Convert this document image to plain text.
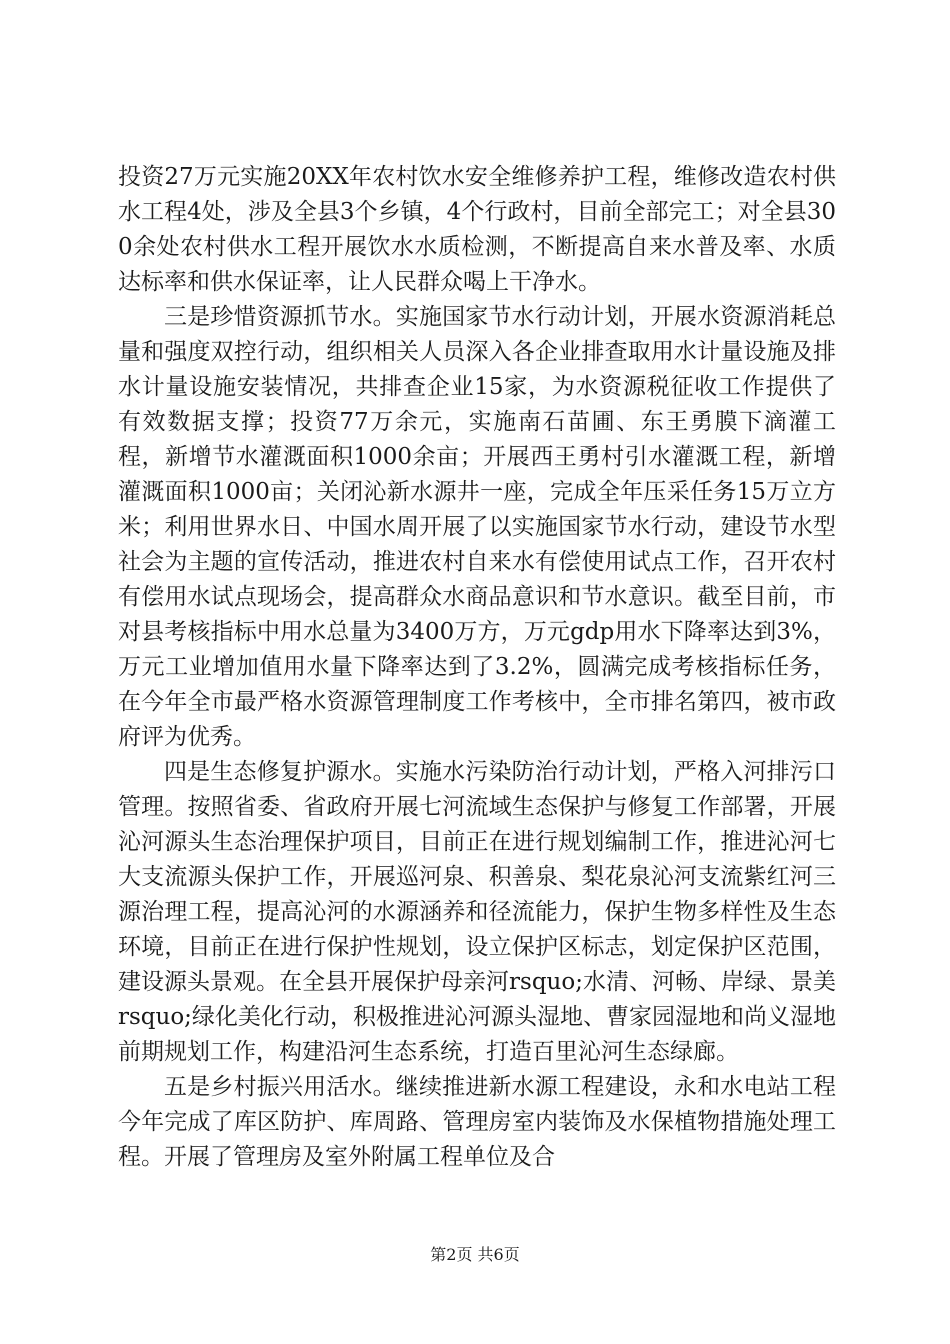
投资27万元实施20XX年农村饮水安全维修养护工程，维修改造农村供水工程4处，涉及全县3个乡镇，4个行政村，目前全部完工；对全县300余处农村供水工程开展饮水水质检测，不断提高自来水普及率、水质达标率和供水保证率，让人民群众喝上干净水。

三是珍惜资源抓节水。实施国家节水行动计划，开展水资源消耗总量和强度双控行动，组织相关人员深入各企业排查取用水计量设施及排水计量设施安装情况，共排查企业15家，为水资源税征收工作提供了有效数据支撑；投资77万余元，实施南石苗圃、东王勇膜下滴灌工程，新增节水灌溉面积1000余亩；开展西王勇村引水灌溉工程，新增灌溉面积1000亩；关闭沁新水源井一座，完成全年压采任务15万立方米；利用世界水日、中国水周开展了以实施国家节水行动，建设节水型社会为主题的宣传活动，推进农村自来水有偿使用试点工作，召开农村有偿用水试点现场会，提高群众水商品意识和节水意识。截至目前，市对县考核指标中用水总量为3400万方，万元gdp用水下降率达到3%，万元工业增加值用水量下降率达到了3.2%，圆满完成考核指标任务，在今年全市最严格水资源管理制度工作考核中，全市排名第四，被市政府评为优秀。

四是生态修复护源水。实施水污染防治行动计划，严格入河排污口管理。按照省委、省政府开展七河流域生态保护与修复工作部署，开展沁河源头生态治理保护项目，目前正在进行规划编制工作，推进沁河七大支流源头保护工作，开展巡河泉、积善泉、梨花泉沁河支流紫红河三源治理工程，提高沁河的水源涵养和径流能力，保护生物多样性及生态环境，目前正在进行保护性规划，设立保护区标志，划定保护区范围，建设源头景观。在全县开展保护母亲河rsquo;水清、河畅、岸绿、景美rsquo;绿化美化行动，积极推进沁河源头湿地、曹家园湿地和尚义湿地前期规划工作，构建沿河生态系统，打造百里沁河生态绿廊。

五是乡村振兴用活水。继续推进新水源工程建设，永和水电站工程今年完成了库区防护、库周路、管理房室内装饰及水保植物措施处理工程。开展了管理房及室外附属工程单位及合

第2页 共6页
